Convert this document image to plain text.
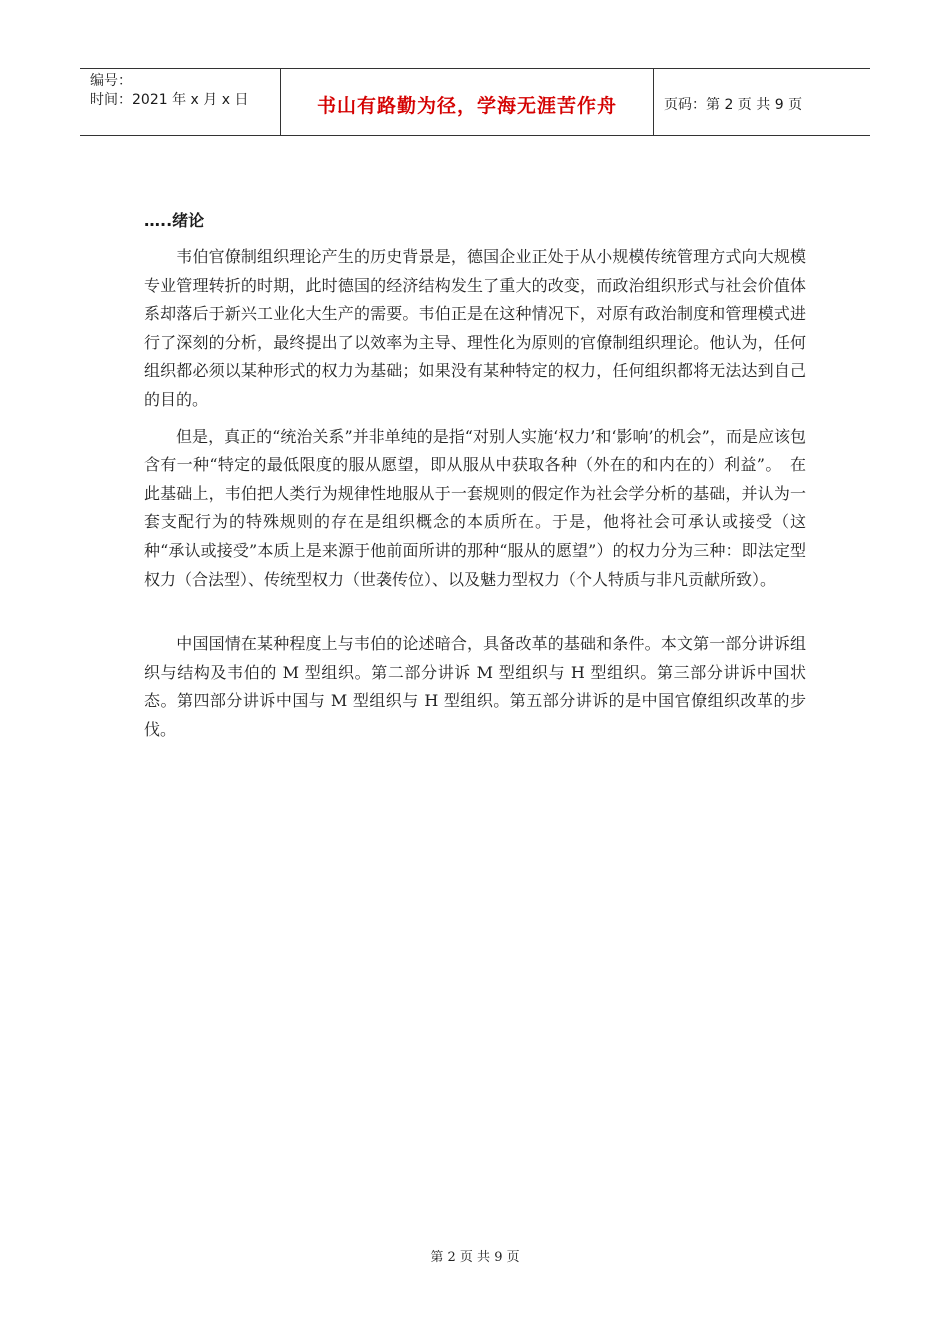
编号：
时间：2021 年 x 月 x 日	书山有路勤为径，学海无涯苦作舟	页码：第 2 页 共 9 页
…..绪论

　　韦伯官僚制组织理论产生的历史背景是，德国企业正处于从小规模传统管理方式向大规模专业管理转折的时期，此时德国的经济结构发生了重大的改变，而政治组织形式与社会价值体系却落后于新兴工业化大生产的需要。韦伯正是在这种情况下，对原有政治制度和管理模式进行了深刻的分析，最终提出了以效率为主导、理性化为原则的官僚制组织理论。他认为，任何组织都必须以某种形式的权力为基础；如果没有某种特定的权力，任何组织都将无法达到自己的目的。

　　但是，真正的“统治关系”并非单纯的是指“对别人实施‘权力’和‘影响’的机会”，而是应该包含有一种“特定的最低限度的服从愿望，即从服从中获取各种（外在的和内在的）利益”。　在此基础上，韦伯把人类行为规律性地服从于一套规则的假定作为社会学分析的基础，并认为一套支配行为的特殊规则的存在是组织概念的本质所在。于是，他将社会可承认或接受（这种“承认或接受”本质上是来源于他前面所讲的那种“服从的愿望”）的权力分为三种：即法定型权力（合法型）、传统型权力（世袭传位）、以及魅力型权力（个人特质与非凡贡献所致）。

　　中国国情在某种程度上与韦伯的论述暗合，具备改革的基础和条件。本文第一部分讲诉组织与结构及韦伯的 M 型组织。第二部分讲诉 M 型组织与 H 型组织。第三部分讲诉中国状态。第四部分讲诉中国与 M 型组织与 H 型组织。第五部分讲诉的是中国官僚组织改革的步伐。

第 2 页 共 9 页
